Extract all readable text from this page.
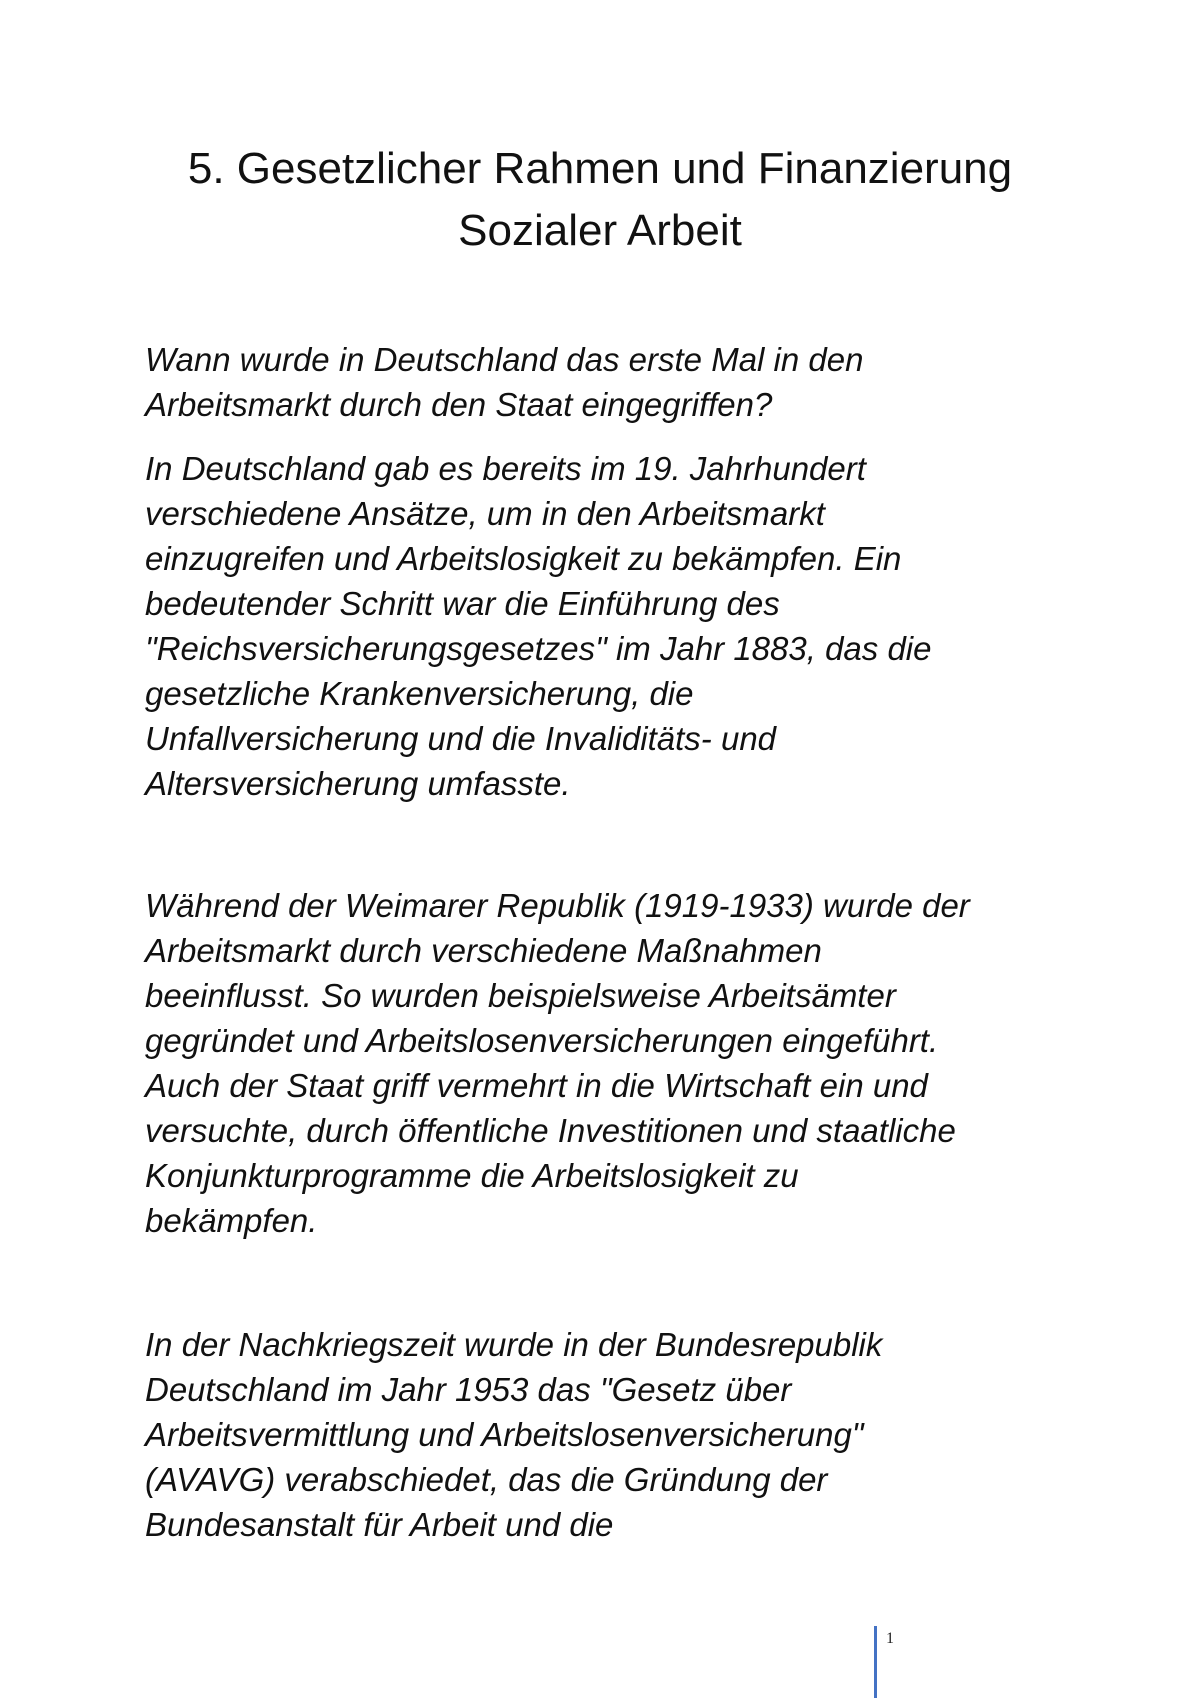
5. Gesetzlicher Rahmen und Finanzierung
Sozialer Arbeit

Wann wurde in Deutschland das erste Mal in den
Arbeitsmarkt durch den Staat eingegriffen?

In Deutschland gab es bereits im 19. Jahrhundert
verschiedene Ansätze, um in den Arbeitsmarkt
einzugreifen und Arbeitslosigkeit zu bekämpfen. Ein
bedeutender Schritt war die Einführung des
"Reichsversicherungsgesetzes" im Jahr 1883, das die
gesetzliche Krankenversicherung, die
Unfallversicherung und die Invaliditäts- und
Altersversicherung umfasste.

Während der Weimarer Republik (1919-1933) wurde der
Arbeitsmarkt durch verschiedene Maßnahmen
beeinflusst. So wurden beispielsweise Arbeitsämter
gegründet und Arbeitslosenversicherungen eingeführt.
Auch der Staat griff vermehrt in die Wirtschaft ein und
versuchte, durch öffentliche Investitionen und staatliche
Konjunkturprogramme die Arbeitslosigkeit zu
bekämpfen.

In der Nachkriegszeit wurde in der Bundesrepublik
Deutschland im Jahr 1953 das "Gesetz über
Arbeitsvermittlung und Arbeitslosenversicherung"
(AVAVG) verabschiedet, das die Gründung der
Bundesanstalt für Arbeit und die

1
